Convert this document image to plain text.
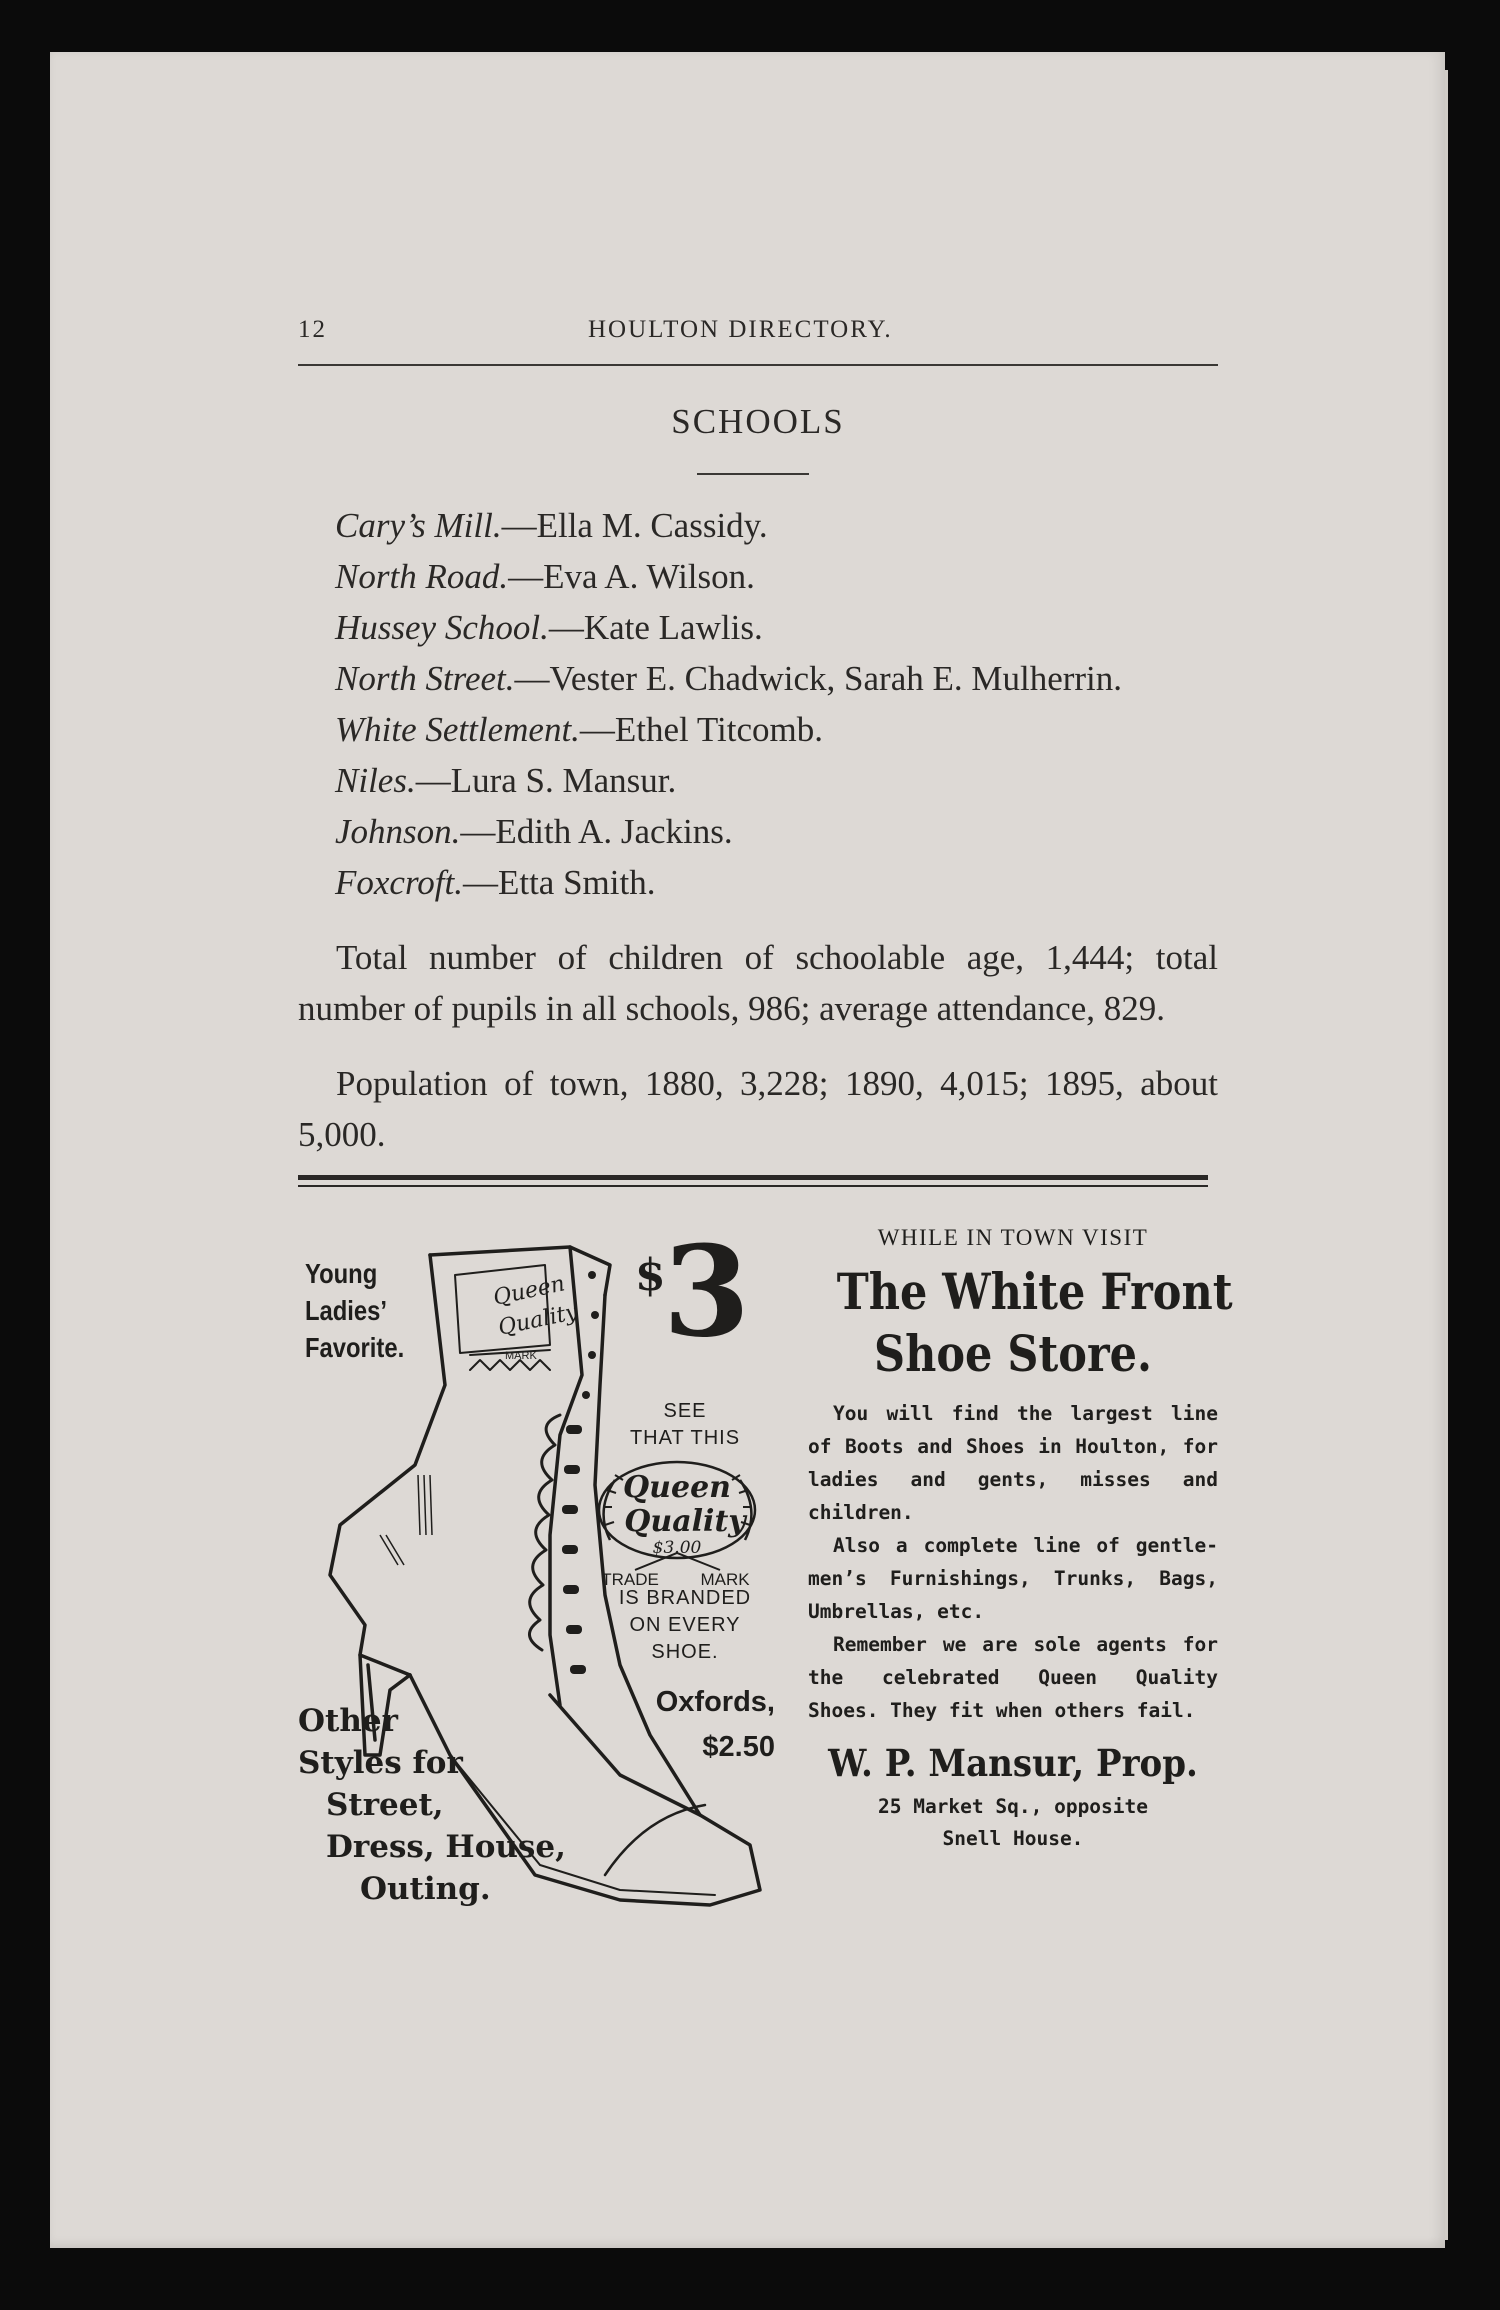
12	HOULTON DIRECTORY.
SCHOOLS
Cary’s Mill.—Ella M. Cassidy.
North Road.—Eva A. Wilson.
Hussey School.—Kate Lawlis.
North Street.—Vester E. Chadwick, Sarah E. Mulherrin.
White Settlement.—Ethel Titcomb.
Niles.—Lura S. Mansur.
Johnson.—Edith A. Jackins.
Foxcroft.—Etta Smith.
Total number of children of schoolable age, 1,444; total number of pupils in all schools, 986; average attendance, 829.
Population of town, 1880, 3,228; 1890, 4,015; 1895, about 5,000.
Young
Ladies’
Favorite.
Queen
Quality
MARK
$
3
SEE
THAT THIS
Queen
Quality
$3.00
TRADE MARK
IS BRANDED
ON EVERY
SHOE.
Oxfords,
$2.50
Other
Styles for
Street,
Dress, House,
Outing.
WHILE IN TOWN VISIT
The White Front
Shoe Store.

You will find the largest line of Boots and Shoes in Houlton, for ladies and gents, misses and children.

Also a complete line of gentle-men’s Furnishings, Trunks, Bags, Umbrellas, etc.

Remember we are sole agents for the celebrated Queen Quality Shoes. They fit when others fail.

W. P. Mansur, Prop.
25 Market Sq., opposite
Snell House.
